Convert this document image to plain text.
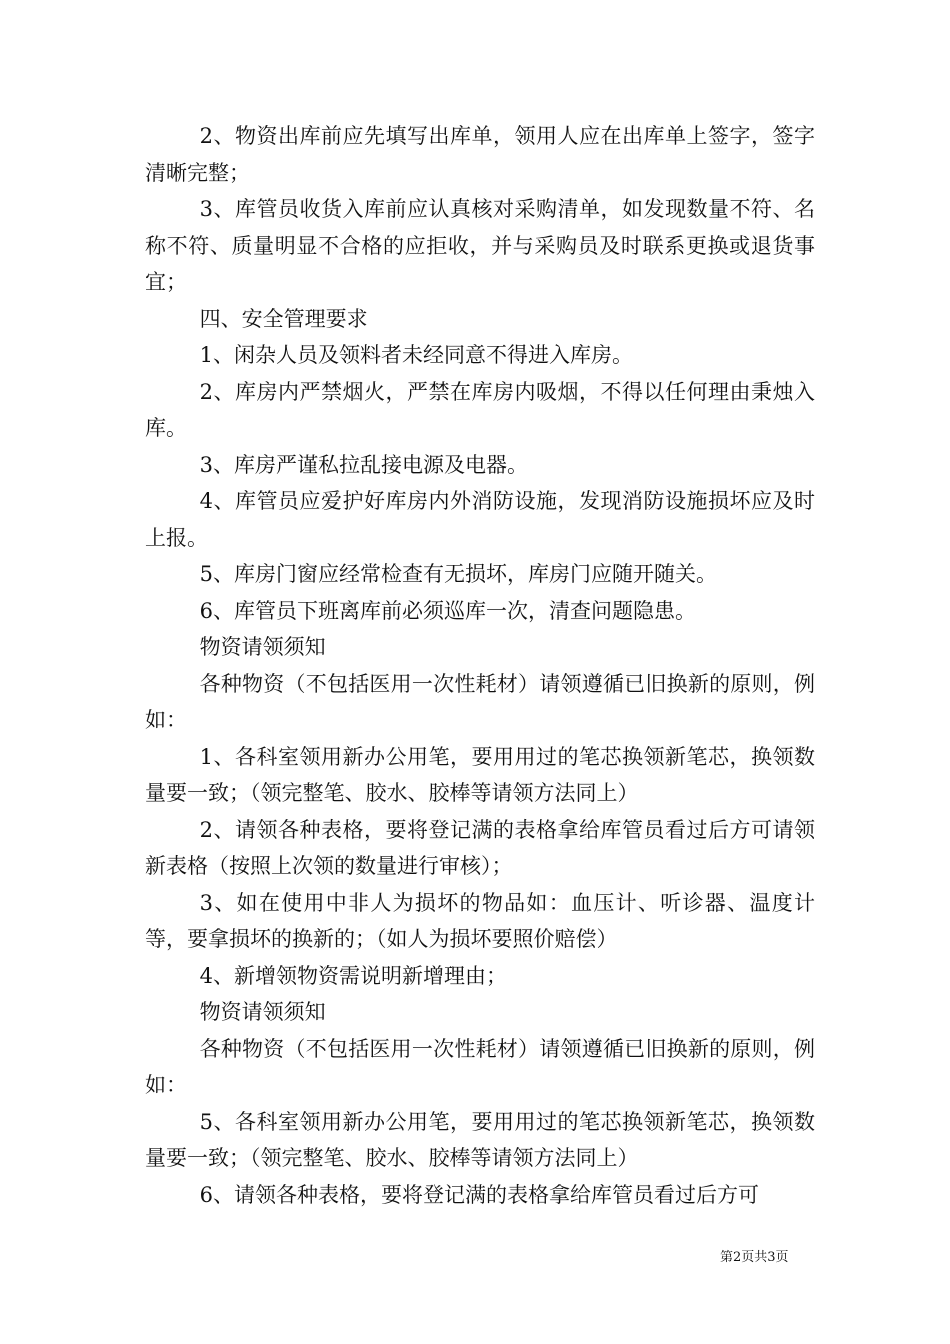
2、物资出库前应先填写出库单，领用人应在出库单上签字，签字清晰完整；

3、库管员收货入库前应认真核对采购清单，如发现数量不符、名称不符、质量明显不合格的应拒收，并与采购员及时联系更换或退货事宜；

四、安全管理要求

1、闲杂人员及领料者未经同意不得进入库房。

2、库房内严禁烟火，严禁在库房内吸烟，不得以任何理由秉烛入库。

3、库房严谨私拉乱接电源及电器。

4、库管员应爱护好库房内外消防设施，发现消防设施损坏应及时上报。

5、库房门窗应经常检查有无损坏，库房门应随开随关。

6、库管员下班离库前必须巡库一次，清查问题隐患。

物资请领须知

各种物资（不包括医用一次性耗材）请领遵循已旧换新的原则，例如：

1、各科室领用新办公用笔，要用用过的笔芯换领新笔芯，换领数量要一致；（领完整笔、胶水、胶棒等请领方法同上）

2、请领各种表格，要将登记满的表格拿给库管员看过后方可请领新表格（按照上次领的数量进行审核）；

3、如在使用中非人为损坏的物品如：血压计、听诊器、温度计等，要拿损坏的换新的；（如人为损坏要照价赔偿）

4、新增领物资需说明新增理由；

物资请领须知

各种物资（不包括医用一次性耗材）请领遵循已旧换新的原则，例如：

5、各科室领用新办公用笔，要用用过的笔芯换领新笔芯，换领数量要一致；（领完整笔、胶水、胶棒等请领方法同上）

6、请领各种表格，要将登记满的表格拿给库管员看过后方可

第2页共3页
